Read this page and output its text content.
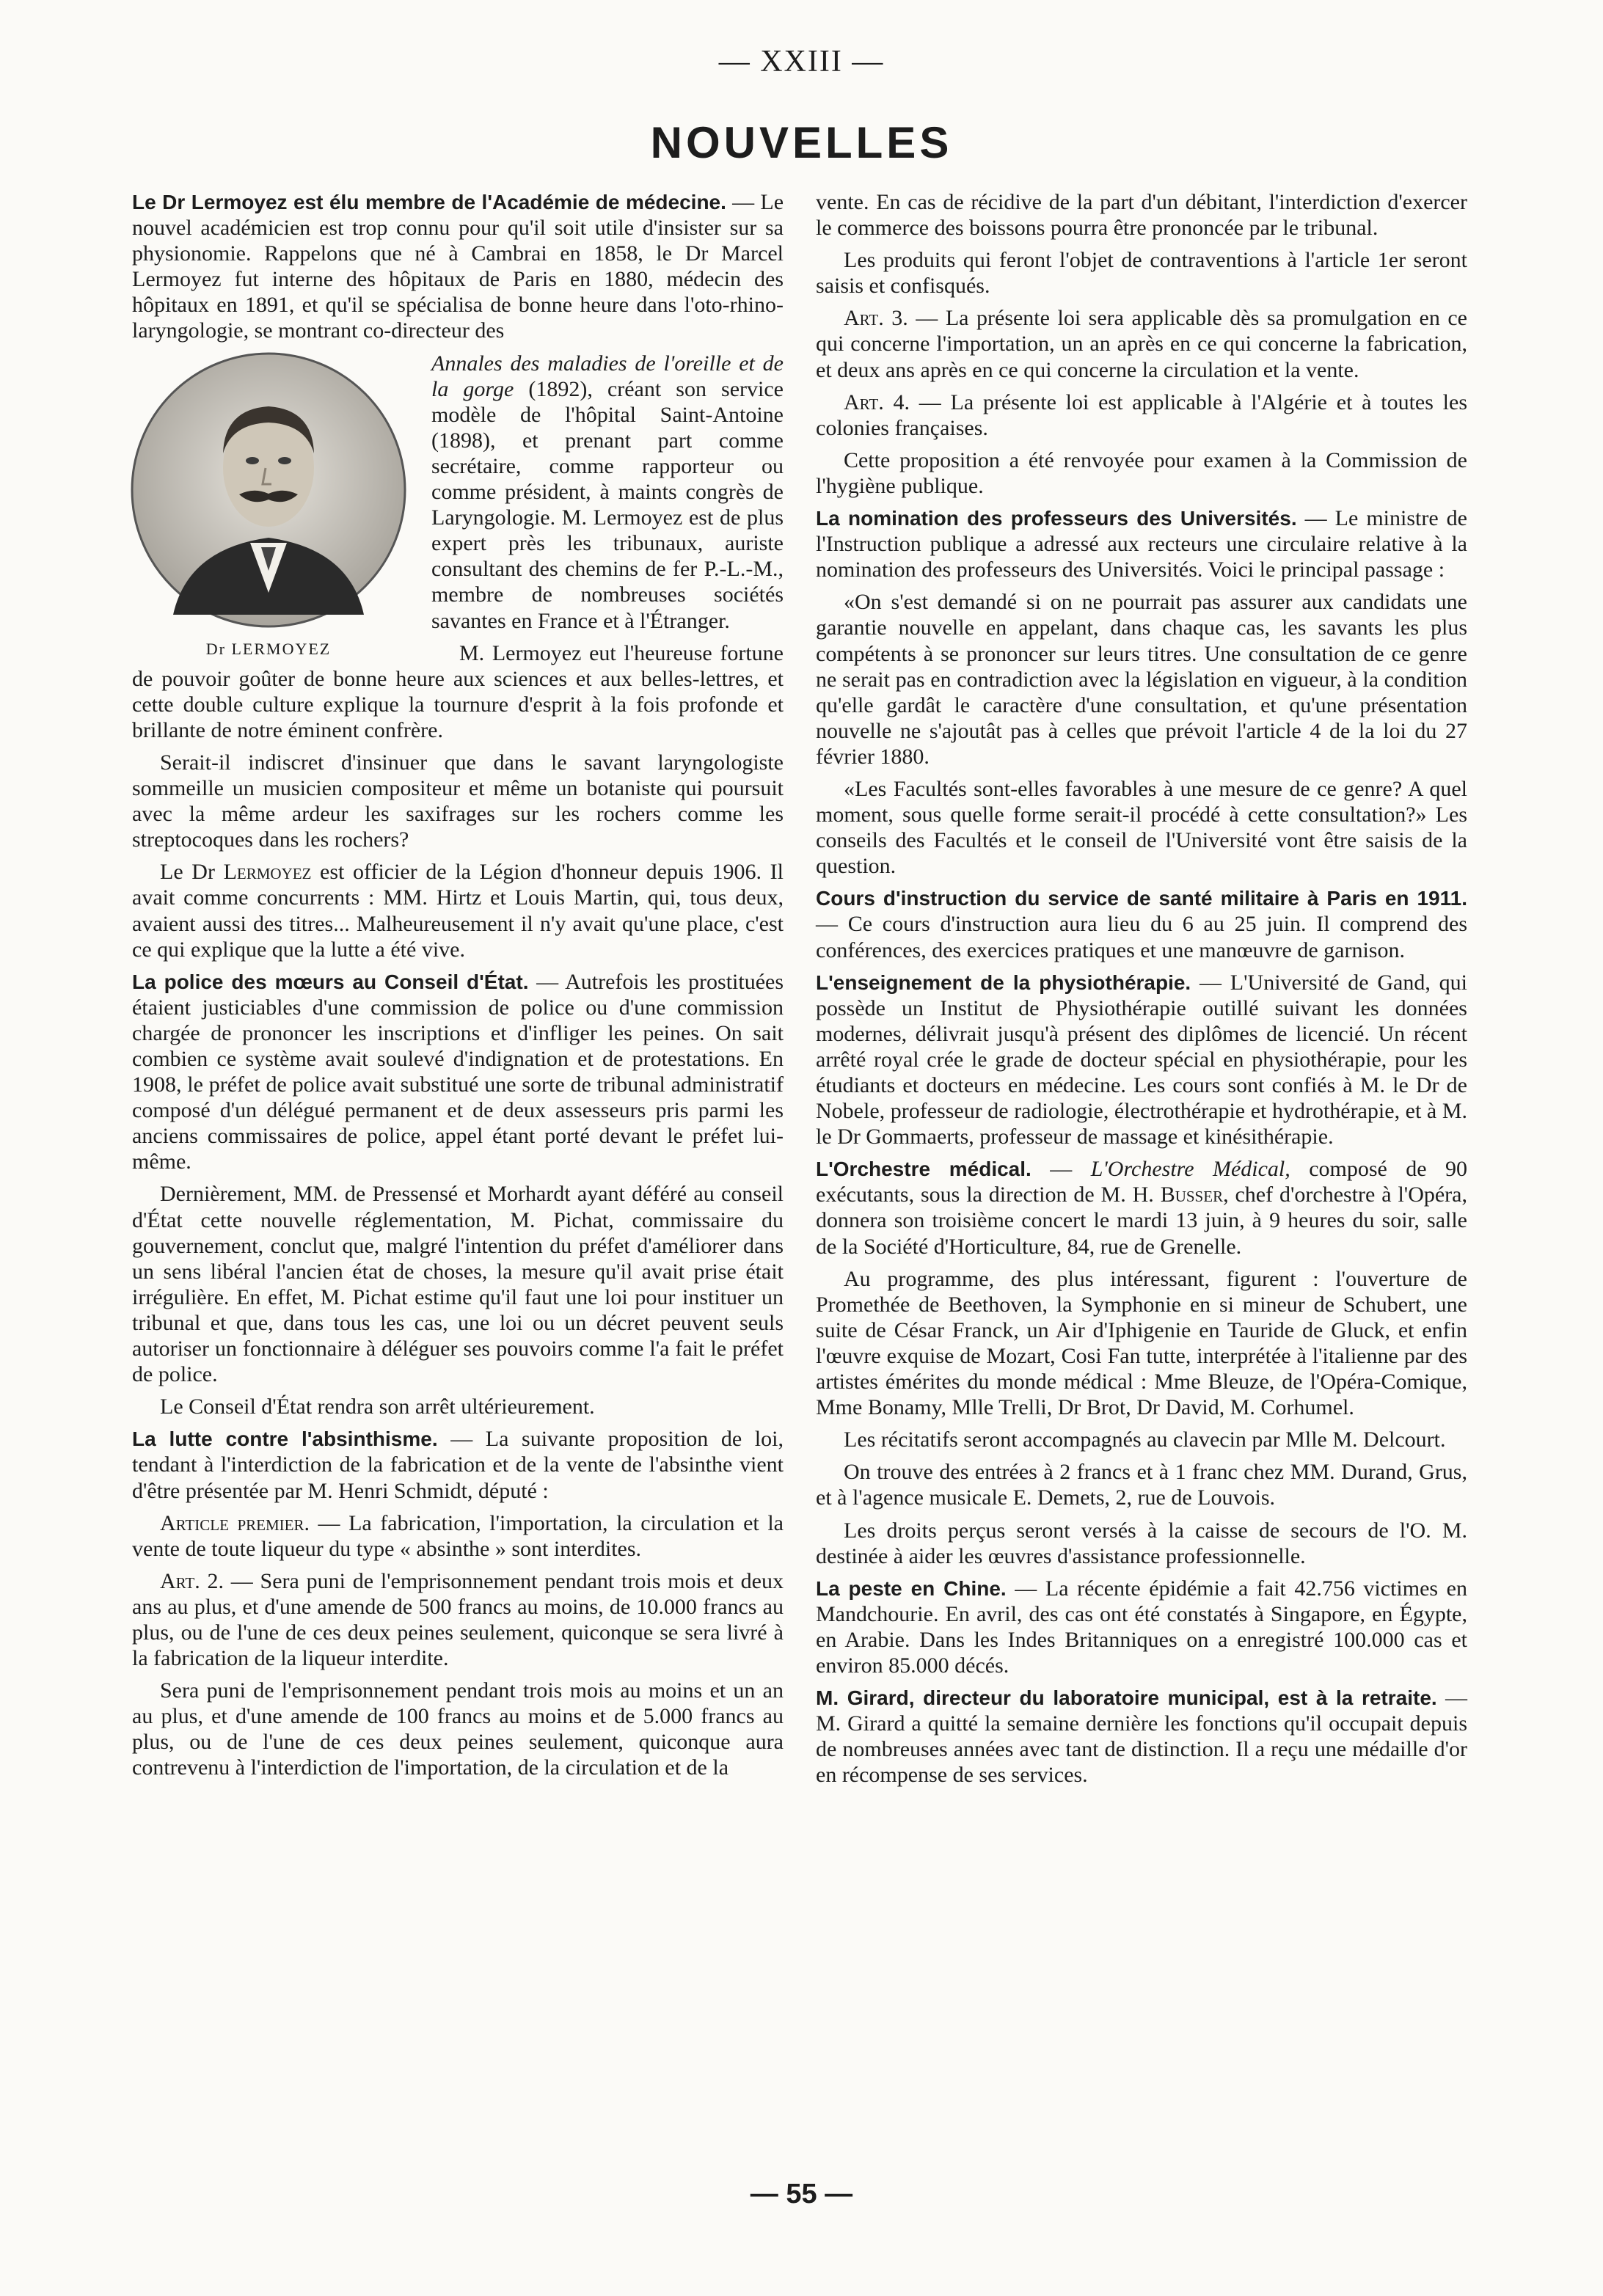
— XXIII —
NOUVELLES

Le Dr Lermoyez est élu membre de l'Académie de médecine. — Le nouvel académicien est trop connu pour qu'il soit utile d'insister sur sa physionomie. Rappelons que né à Cambrai en 1858, le Dr Marcel Lermoyez fut interne des hôpitaux de Paris en 1880, médecin des hôpitaux en 1891, et qu'il se spécialisa de bonne heure dans l'oto-rhino-laryngologie, se montrant co-directeur des

Dr LERMOYEZ

Annales des maladies de l'oreille et de la gorge (1892), créant son service modèle de l'hôpital Saint-Antoine (1898), et prenant part comme secrétaire, comme rapporteur ou comme président, à maints congrès de Laryngologie. M. Lermoyez est de plus expert près les tribunaux, auriste consultant des chemins de fer P.-L.-M., membre de nombreuses sociétés savantes en France et à l'Étranger.

M. Lermoyez eut l'heureuse fortune de pouvoir goûter de bonne heure aux sciences et aux belles-lettres, et cette double culture explique la tournure d'esprit à la fois profonde et brillante de notre éminent confrère.

Serait-il indiscret d'insinuer que dans le savant laryngologiste sommeille un musicien compositeur et même un botaniste qui poursuit avec la même ardeur les saxifrages sur les rochers comme les streptocoques dans les rochers?

Le Dr Lermoyez est officier de la Légion d'honneur depuis 1906. Il avait comme concurrents : MM. Hirtz et Louis Martin, qui, tous deux, avaient aussi des titres... Malheureusement il n'y avait qu'une place, c'est ce qui explique que la lutte a été vive.

La police des mœurs au Conseil d'État. — Autrefois les prostituées étaient justiciables d'une commission de police ou d'une commission chargée de prononcer les inscriptions et d'infliger les peines. On sait combien ce système avait soulevé d'indignation et de protestations. En 1908, le préfet de police avait substitué une sorte de tribunal administratif composé d'un délégué permanent et de deux assesseurs pris parmi les anciens commissaires de police, appel étant porté devant le préfet lui-même.

Dernièrement, MM. de Pressensé et Morhardt ayant déféré au conseil d'État cette nouvelle réglementation, M. Pichat, commissaire du gouvernement, conclut que, malgré l'intention du préfet d'améliorer dans un sens libéral l'ancien état de choses, la mesure qu'il avait prise était irrégulière. En effet, M. Pichat estime qu'il faut une loi pour instituer un tribunal et que, dans tous les cas, une loi ou un décret peuvent seuls autoriser un fonctionnaire à déléguer ses pouvoirs comme l'a fait le préfet de police.

Le Conseil d'État rendra son arrêt ultérieurement.

La lutte contre l'absinthisme. — La suivante proposition de loi, tendant à l'interdiction de la fabrication et de la vente de l'absinthe vient d'être présentée par M. Henri Schmidt, député :

Article premier. — La fabrication, l'importation, la circulation et la vente de toute liqueur du type « absinthe » sont interdites.

Art. 2. — Sera puni de l'emprisonnement pendant trois mois et deux ans au plus, et d'une amende de 500 francs au moins, de 10.000 francs au plus, ou de l'une de ces deux peines seulement, quiconque se sera livré à la fabrication de la liqueur interdite.

Sera puni de l'emprisonnement pendant trois mois au moins et un an au plus, et d'une amende de 100 francs au moins et de 5.000 francs au plus, ou de l'une de ces deux peines seulement, quiconque aura contrevenu à l'interdiction de l'importation, de la circulation et de la

vente. En cas de récidive de la part d'un débitant, l'interdiction d'exercer le commerce des boissons pourra être prononcée par le tribunal.

Les produits qui feront l'objet de contraventions à l'article 1er seront saisis et confisqués.

Art. 3. — La présente loi sera applicable dès sa promulgation en ce qui concerne l'importation, un an après en ce qui concerne la fabrication, et deux ans après en ce qui concerne la circulation et la vente.

Art. 4. — La présente loi est applicable à l'Algérie et à toutes les colonies françaises.

Cette proposition a été renvoyée pour examen à la Commission de l'hygiène publique.

La nomination des professeurs des Universités. — Le ministre de l'Instruction publique a adressé aux recteurs une circulaire relative à la nomination des professeurs des Universités. Voici le principal passage :

«On s'est demandé si on ne pourrait pas assurer aux candidats une garantie nouvelle en appelant, dans chaque cas, les savants les plus compétents à se prononcer sur leurs titres. Une consultation de ce genre ne serait pas en contradiction avec la législation en vigueur, à la condition qu'elle gardât le caractère d'une consultation, et qu'une présentation nouvelle ne s'ajoutât pas à celles que prévoit l'article 4 de la loi du 27 février 1880.

«Les Facultés sont-elles favorables à une mesure de ce genre? A quel moment, sous quelle forme serait-il procédé à cette consultation?» Les conseils des Facultés et le conseil de l'Université vont être saisis de la question.

Cours d'instruction du service de santé militaire à Paris en 1911. — Ce cours d'instruction aura lieu du 6 au 25 juin. Il comprend des conférences, des exercices pratiques et une manœuvre de garnison.

L'enseignement de la physiothérapie. — L'Université de Gand, qui possède un Institut de Physiothérapie outillé suivant les données modernes, délivrait jusqu'à présent des diplômes de licencié. Un récent arrêté royal crée le grade de docteur spécial en physiothérapie, pour les étudiants et docteurs en médecine. Les cours sont confiés à M. le Dr de Nobele, professeur de radiologie, électrothérapie et hydrothérapie, et à M. le Dr Gommaerts, professeur de massage et kinésithérapie.

L'Orchestre médical. — L'Orchestre Médical, composé de 90 exécutants, sous la direction de M. H. Busser, chef d'orchestre à l'Opéra, donnera son troisième concert le mardi 13 juin, à 9 heures du soir, salle de la Société d'Horticulture, 84, rue de Grenelle.

Au programme, des plus intéressant, figurent : l'ouverture de Promethée de Beethoven, la Symphonie en si mineur de Schubert, une suite de César Franck, un Air d'Iphigenie en Tauride de Gluck, et enfin l'œuvre exquise de Mozart, Cosi Fan tutte, interprétée à l'italienne par des artistes émérites du monde médical : Mme Bleuze, de l'Opéra-Comique, Mme Bonamy, Mlle Trelli, Dr Brot, Dr David, M. Corhumel.

Les récitatifs seront accompagnés au clavecin par Mlle M. Delcourt.

On trouve des entrées à 2 francs et à 1 franc chez MM. Durand, Grus, et à l'agence musicale E. Demets, 2, rue de Louvois.

Les droits perçus seront versés à la caisse de secours de l'O. M. destinée à aider les œuvres d'assistance professionnelle.

La peste en Chine. — La récente épidémie a fait 42.756 victimes en Mandchourie. En avril, des cas ont été constatés à Singapore, en Égypte, en Arabie. Dans les Indes Britanniques on a enregistré 100.000 cas et environ 85.000 décés.

M. Girard, directeur du laboratoire municipal, est à la retraite. — M. Girard a quitté la semaine dernière les fonctions qu'il occupait depuis de nombreuses années avec tant de distinction. Il a reçu une médaille d'or en récompense de ses services.

— 55 —
